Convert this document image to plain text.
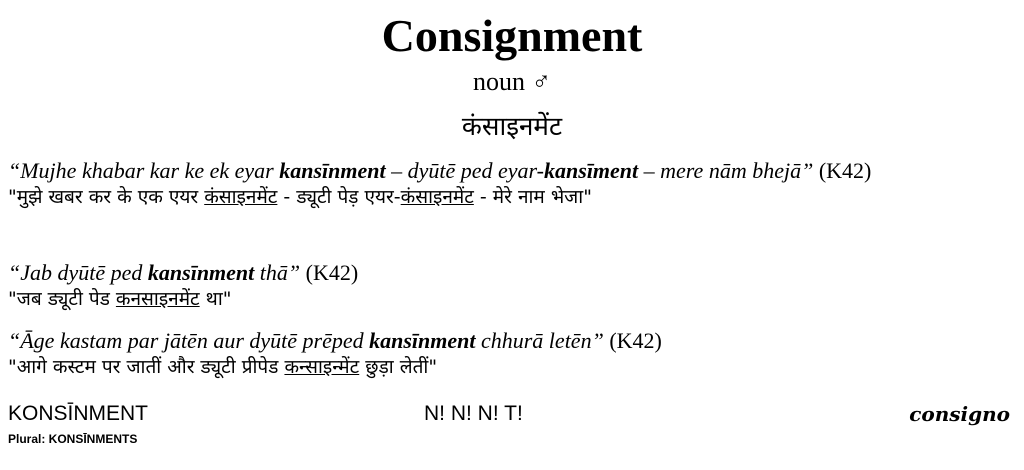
Consignment
noun ♂
कंसाइनमेंट
“Mujhe khabar kar ke ek eyar kansīnment – dyūtē ped eyar-kansīment – mere nām bhejā” (K42)
"मुझे खबर कर के एक एयर कंसाइनमेंट - ड्यूटी पेड़ एयर-कंसाइनमेंट - मेरे नाम भेजा"
“Jab dyūtē ped kansīnment thā” (K42)
"जब ड्यूटी पेड कनसाइनमेंट था"
“Āge kastam par jātēn aur dyūtē prēped kansīnment chhurā letēn” (K42)
"आगे कस्टम पर जातीं और ड्यूटी प्रीपेड कन्साइन्मेंट छुड़ा लेतीं"
KONSĪNMENT
Plural: KONSĪNMENTS
N! N! N! T!	consigno
